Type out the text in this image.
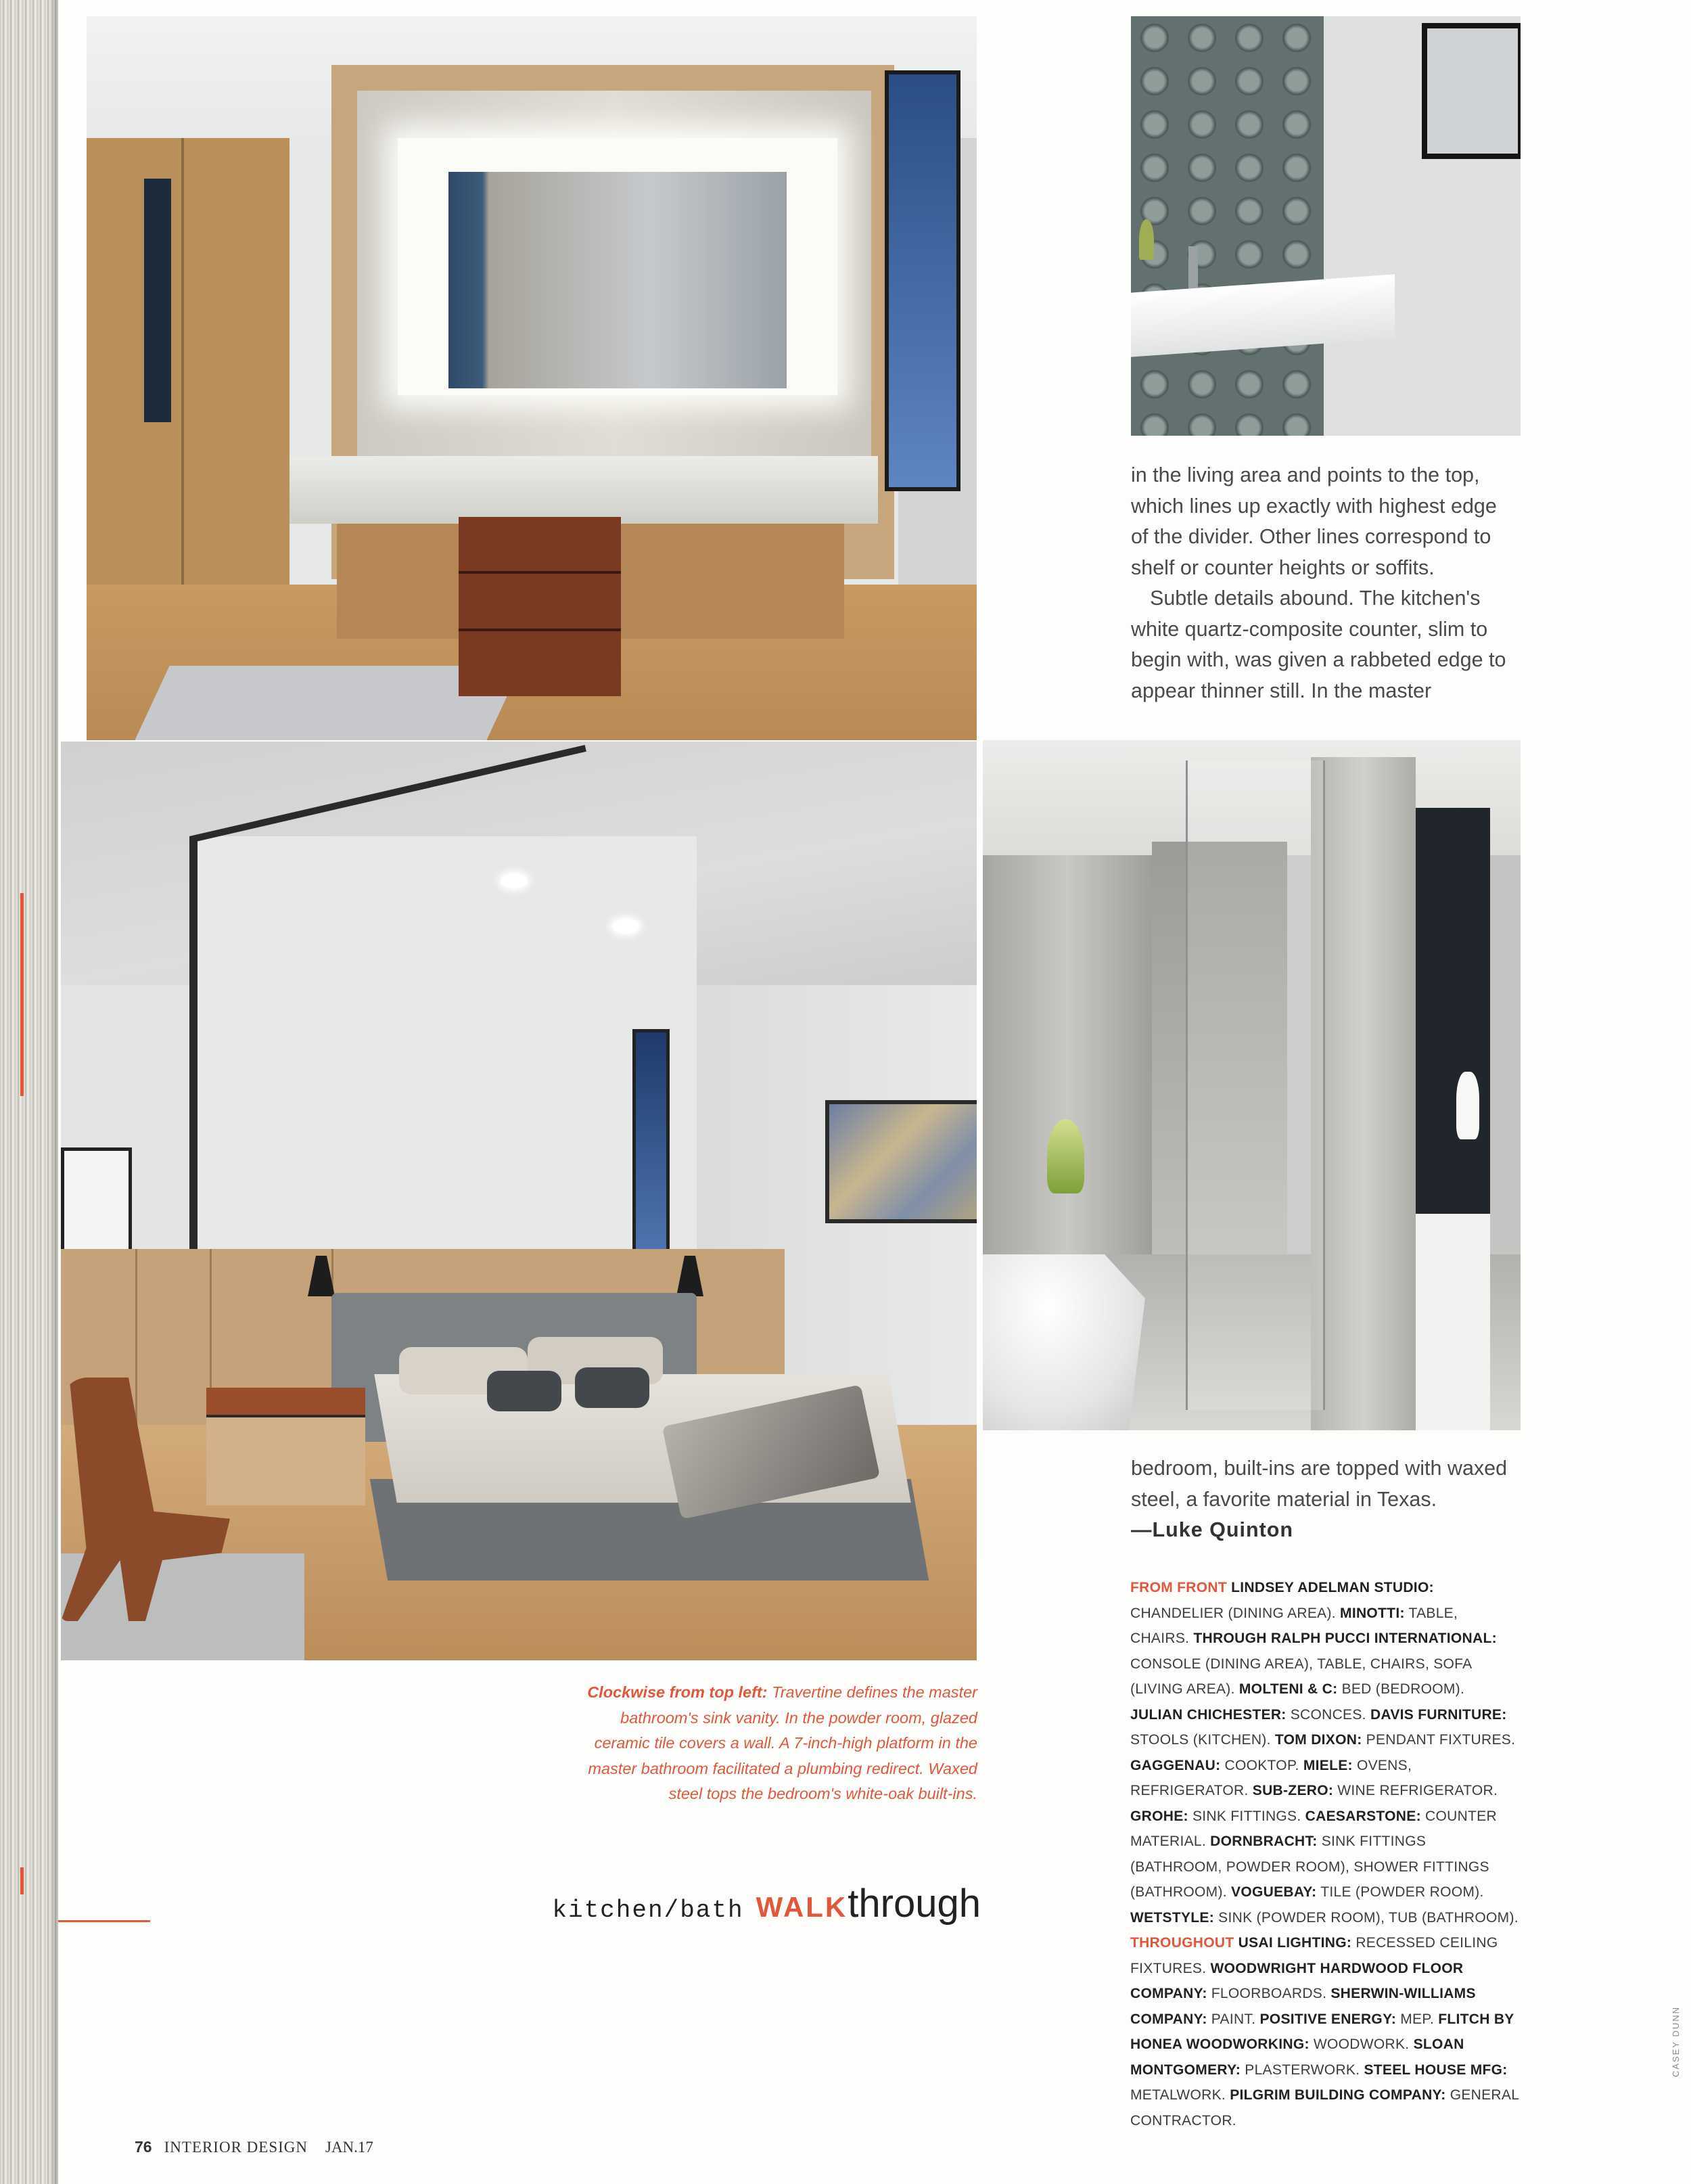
in the living area and points to the top, which lines up exactly with highest edge of the divider. Other lines correspond to shelf or counter heights or soffits.

Subtle details abound. The kitchen's white quartz-composite counter, slim to begin with, was given a rabbeted edge to appear thinner still. In the master

bedroom, built-ins are topped with waxed steel, a favorite material in Texas.

—Luke Quinton

FROM FRONT LINDSEY ADELMAN STUDIO: CHANDELIER (DINING AREA). MINOTTI: TABLE, CHAIRS. THROUGH RALPH PUCCI INTERNATIONAL: CONSOLE (DINING AREA), TABLE, CHAIRS, SOFA (LIVING AREA). MOLTENI & C: BED (BEDROOM). JULIAN CHICHESTER: SCONCES. DAVIS FURNITURE: STOOLS (KITCHEN). TOM DIXON: PENDANT FIXTURES. GAGGENAU: COOKTOP. MIELE: OVENS, REFRIGERATOR. SUB-ZERO: WINE REFRIGERATOR. GROHE: SINK FITTINGS. CAESARSTONE: COUNTER MATERIAL. DORNBRACHT: SINK FITTINGS (BATHROOM, POWDER ROOM), SHOWER FITTINGS (BATHROOM). VOGUEBAY: TILE (POWDER ROOM). WETSTYLE: SINK (POWDER ROOM), TUB (BATHROOM). THROUGHOUT USAI LIGHTING: RECESSED CEILING FIXTURES. WOODWRIGHT HARDWOOD FLOOR COMPANY: FLOORBOARDS. SHERWIN-WILLIAMS COMPANY: PAINT. POSITIVE ENERGY: MEP. FLITCH BY HONEA WOODWORKING: WOODWORK. SLOAN MONTGOMERY: PLASTERWORK. STEEL HOUSE MFG: METALWORK. PILGRIM BUILDING COMPANY: GENERAL CONTRACTOR.
Clockwise from top left: Travertine defines the master bathroom's sink vanity. In the powder room, glazed ceramic tile covers a wall. A 7-inch-high platform in the master bathroom facilitated a plumbing redirect. Waxed steel tops the bedroom's white-oak built-ins.
kitchen/bath WALKthrough
76 INTERIOR DESIGN JAN.17
CASEY DUNN
